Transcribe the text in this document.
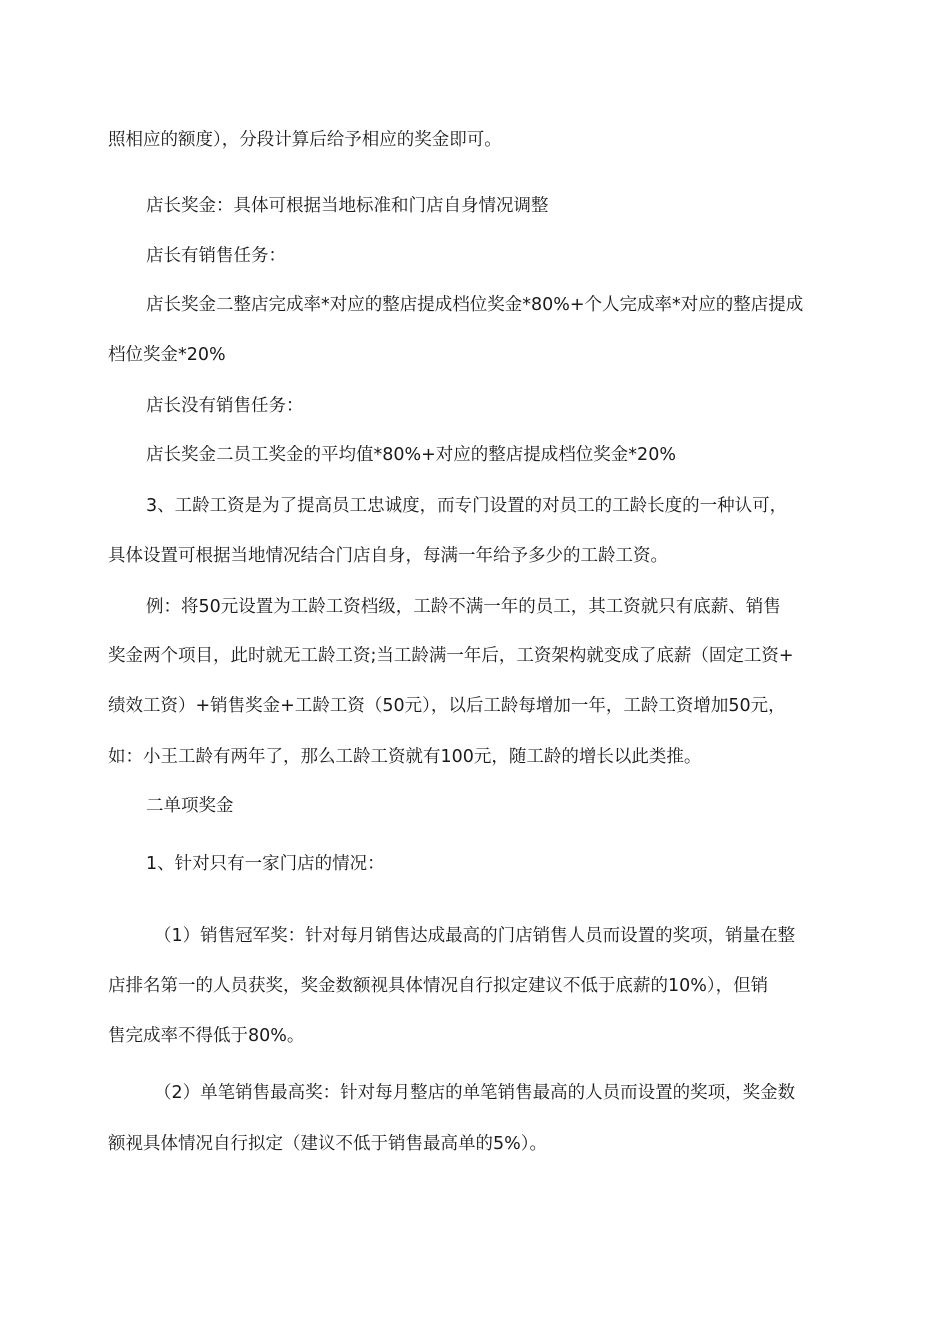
照相应的额度），分段计算后给予相应的奖金即可。
店长奖金：具体可根据当地标准和门店自身情况调整
店长有销售任务：
店长奖金二整店完成率*对应的整店提成档位奖金*80%+个人完成率*对应的整店提成
档位奖金*20%
店长没有销售任务：
店长奖金二员工奖金的平均值*80%+对应的整店提成档位奖金*20%
3、工龄工资是为了提高员工忠诚度，而专门设置的对员工的工龄长度的一种认可，
具体设置可根据当地情况结合门店自身，每满一年给予多少的工龄工资。
例：将50元设置为工龄工资档级，工龄不满一年的员工，其工资就只有底薪、销售
奖金两个项目，此时就无工龄工资;当工龄满一年后，工资架构就变成了底薪（固定工资+
绩效工资）+销售奖金+工龄工资（50元），以后工龄每增加一年，工龄工资增加50元，
如：小王工龄有两年了，那么工龄工资就有100元，随工龄的增长以此类推。
二单项奖金
1、针对只有一家门店的情况：
（1）销售冠军奖：针对每月销售达成最高的门店销售人员而设置的奖项，销量在整
店排名第一的人员获奖，奖金数额视具体情况自行拟定建议不低于底薪的10%），但销
售完成率不得低于80%。
（2）单笔销售最高奖：针对每月整店的单笔销售最高的人员而设置的奖项，奖金数
额视具体情况自行拟定（建议不低于销售最高单的5%）。
